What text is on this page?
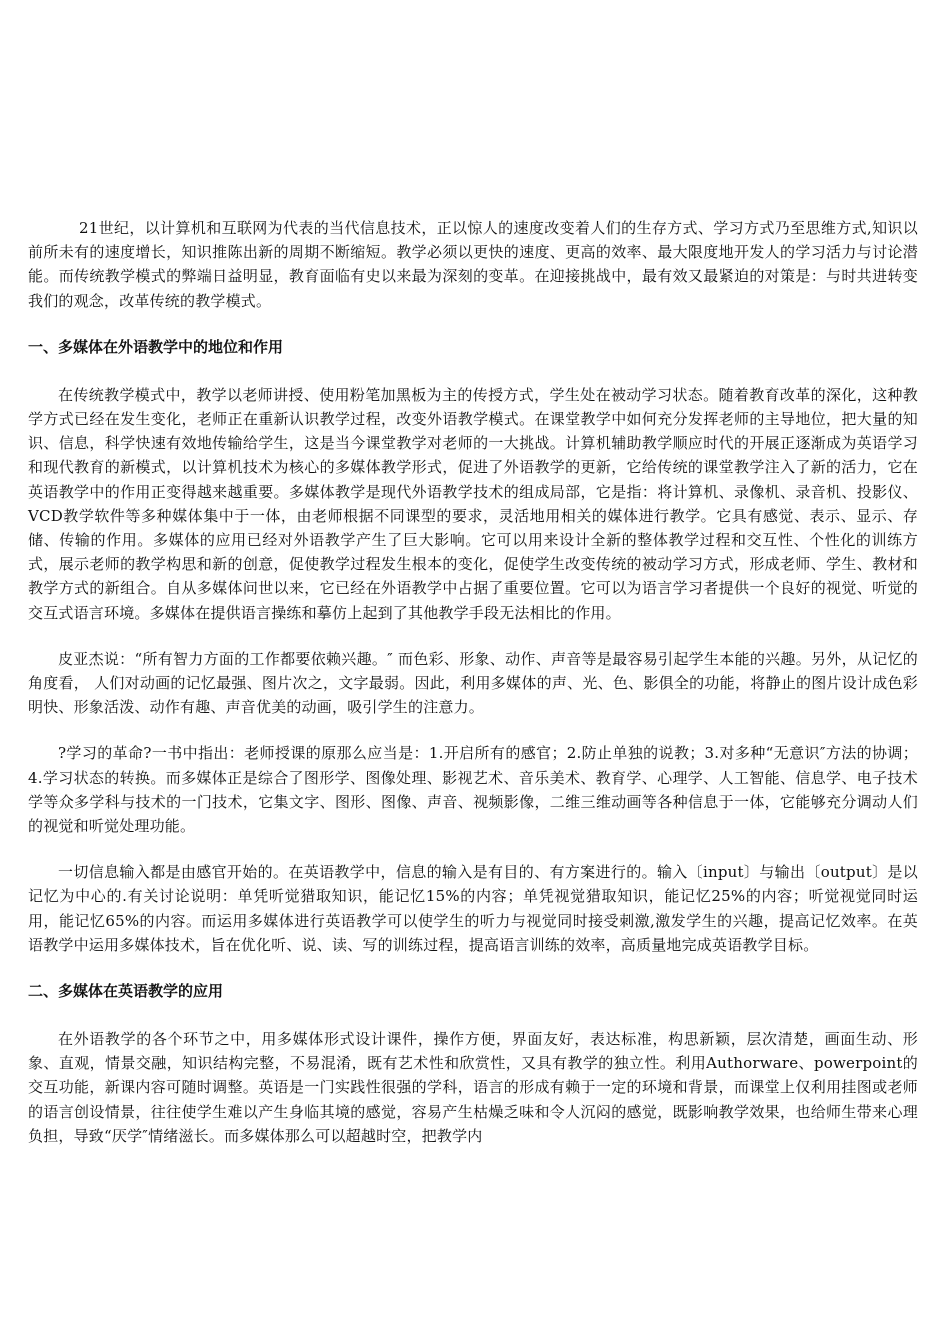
21世纪，以计算机和互联网为代表的当代信息技术，正以惊人的速度改变着人们的生存方式、学习方式乃至思维方式,知识以前所未有的速度增长，知识推陈出新的周期不断缩短。教学必须以更快的速度、更高的效率、最大限度地开发人的学习活力与讨论潜能。而传统教学模式的弊端日益明显，教育面临有史以来最为深刻的变革。在迎接挑战中，最有效又最紧迫的对策是：与时共进转变我们的观念，改革传统的教学模式。

一、多媒体在外语教学中的地位和作用

在传统教学模式中，教学以老师讲授、使用粉笔加黑板为主的传授方式，学生处在被动学习状态。随着教育改革的深化，这种教学方式已经在发生变化，老师正在重新认识教学过程，改变外语教学模式。在课堂教学中如何充分发挥老师的主导地位，把大量的知识、信息，科学快速有效地传输给学生，这是当今课堂教学对老师的一大挑战。计算机辅助教学顺应时代的开展正逐渐成为英语学习和现代教育的新模式，以计算机技术为核心的多媒体教学形式，促进了外语教学的更新，它给传统的课堂教学注入了新的活力，它在英语教学中的作用正变得越来越重要。多媒体教学是现代外语教学技术的组成局部，它是指：将计算机、录像机、录音机、投影仪、VCD教学软件等多种媒体集中于一体，由老师根据不同课型的要求，灵活地用相关的媒体进行教学。它具有感觉、表示、显示、存储、传输的作用。多媒体的应用已经对外语教学产生了巨大影响。它可以用来设计全新的整体教学过程和交互性、个性化的训练方式，展示老师的教学构思和新的创意，促使教学过程发生根本的变化，促使学生改变传统的被动学习方式，形成老师、学生、教材和教学方式的新组合。自从多媒体问世以来，它已经在外语教学中占据了重要位置。它可以为语言学习者提供一个良好的视觉、听觉的交互式语言环境。多媒体在提供语言操练和摹仿上起到了其他教学手段无法相比的作用。

皮亚杰说：“所有智力方面的工作都要依赖兴趣。″ 而色彩、形象、动作、声音等是最容易引起学生本能的兴趣。另外，从记忆的角度看， 人们对动画的记忆最强、图片次之，文字最弱。因此，利用多媒体的声、光、色、影俱全的功能，将静止的图片设计成色彩明快、形象活泼、动作有趣、声音优美的动画，吸引学生的注意力。

?学习的革命?一书中指出：老师授课的原那么应当是：1.开启所有的感官；2.防止单独的说教；3.对多种“无意识″方法的协调；4.学习状态的转换。而多媒体正是综合了图形学、图像处理、影视艺术、音乐美术、教育学、心理学、人工智能、信息学、电子技术学等众多学科与技术的一门技术，它集文字、图形、图像、声音、视频影像，二维三维动画等各种信息于一体，它能够充分调动人们的视觉和听觉处理功能。

一切信息输入都是由感官开始的。在英语教学中，信息的输入是有目的、有方案进行的。输入〔input〕与输出〔output〕是以记忆为中心的.有关讨论说明：单凭听觉猎取知识，能记忆15%的内容；单凭视觉猎取知识，能记忆25%的内容；听觉视觉同时运用，能记忆65%的内容。而运用多媒体进行英语教学可以使学生的听力与视觉同时接受刺激,激发学生的兴趣，提高记忆效率。在英语教学中运用多媒体技术，旨在优化听、说、读、写的训练过程，提高语言训练的效率，高质量地完成英语教学目标。

二、多媒体在英语教学的应用

在外语教学的各个环节之中，用多媒体形式设计课件，操作方便，界面友好，表达标准，构思新颖，层次清楚，画面生动、形象、直观，情景交融，知识结构完整，不易混淆，既有艺术性和欣赏性，又具有教学的独立性。利用Authorware、powerpoint的交互功能，新课内容可随时调整。英语是一门实践性很强的学科，语言的形成有赖于一定的环境和背景，而课堂上仅利用挂图或老师的语言创设情景，往往使学生难以产生身临其境的感觉，容易产生枯燥乏味和令人沉闷的感觉，既影响教学效果，也给师生带来心理负担，导致“厌学″情绪滋长。而多媒体那么可以超越时空，把教学内
